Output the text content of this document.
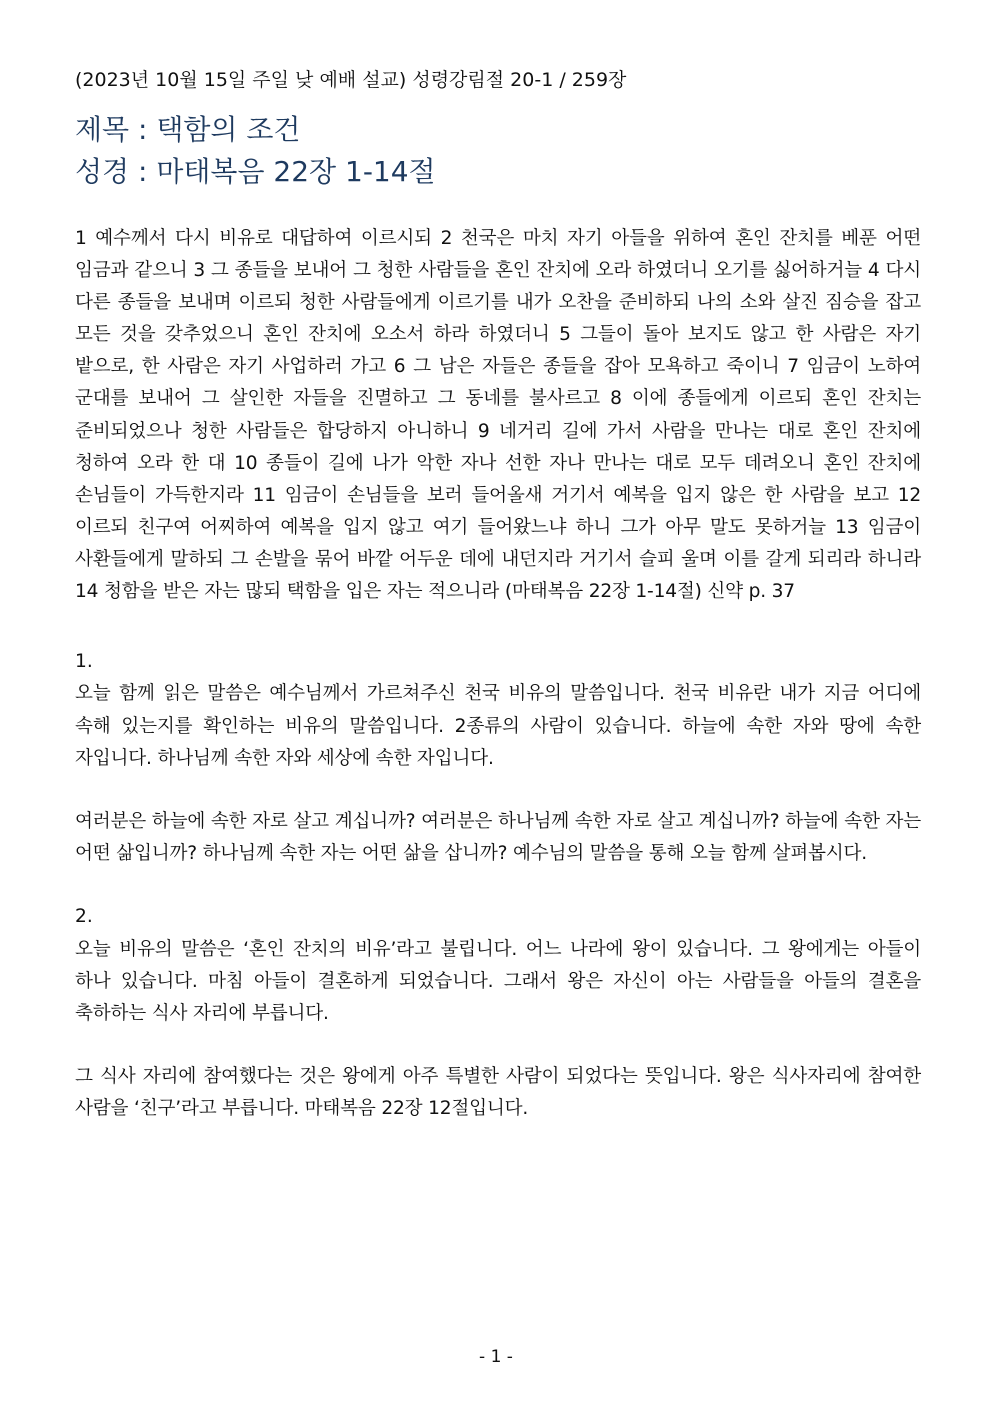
(2023년 10월 15일 주일 낮 예배 설교) 성령강림절 20-1 / 259장
제목 : 택함의 조건
성경 : 마태복음 22장 1-14절
1 예수께서 다시 비유로 대답하여 이르시되 2 천국은 마치 자기 아들을 위하여 혼인 잔치를 베푼 어떤 임금과 같으니 3 그 종들을 보내어 그 청한 사람들을 혼인 잔치에 오라 하였더니 오기를 싫어하거늘 4 다시 다른 종들을 보내며 이르되 청한 사람들에게 이르기를 내가 오찬을 준비하되 나의 소와 살진 짐승을 잡고 모든 것을 갖추었으니 혼인 잔치에 오소서 하라 하였더니 5 그들이 돌아 보지도 않고 한 사람은 자기 밭으로, 한 사람은 자기 사업하러 가고 6 그 남은 자들은 종들을 잡아 모욕하고 죽이니 7 임금이 노하여 군대를 보내어 그 살인한 자들을 진멸하고 그 동네를 불사르고 8 이에 종들에게 이르되 혼인 잔치는 준비되었으나 청한 사람들은 합당하지 아니하니 9 네거리 길에 가서 사람을 만나는 대로 혼인 잔치에 청하여 오라 한 대 10 종들이 길에 나가 악한 자나 선한 자나 만나는 대로 모두 데려오니 혼인 잔치에 손님들이 가득한지라 11 임금이 손님들을 보러 들어올새 거기서 예복을 입지 않은 한 사람을 보고 12 이르되 친구여 어찌하여 예복을 입지 않고 여기 들어왔느냐 하니 그가 아무 말도 못하거늘 13 임금이 사환들에게 말하되 그 손발을 묶어 바깥 어두운 데에 내던지라 거기서 슬피 울며 이를 갈게 되리라 하니라 14 청함을 받은 자는 많되 택함을 입은 자는 적으니라 (마태복음 22장 1-14절) 신약 p. 37
1.
오늘 함께 읽은 말씀은 예수님께서 가르쳐주신 천국 비유의 말씀입니다. 천국 비유란 내가 지금 어디에 속해 있는지를 확인하는 비유의 말씀입니다. 2종류의 사람이 있습니다. 하늘에 속한 자와 땅에 속한 자입니다. 하나님께 속한 자와 세상에 속한 자입니다.
여러분은 하늘에 속한 자로 살고 계십니까? 여러분은 하나님께 속한 자로 살고 계십니까? 하늘에 속한 자는 어떤 삶입니까? 하나님께 속한 자는 어떤 삶을 삽니까? 예수님의 말씀을 통해 오늘 함께 살펴봅시다.
2.
오늘 비유의 말씀은 ‘혼인 잔치의 비유’라고 불립니다. 어느 나라에 왕이 있습니다. 그 왕에게는 아들이 하나 있습니다. 마침 아들이 결혼하게 되었습니다. 그래서 왕은 자신이 아는 사람들을 아들의 결혼을 축하하는 식사 자리에 부릅니다.
그 식사 자리에 참여했다는 것은 왕에게 아주 특별한 사람이 되었다는 뜻입니다. 왕은 식사자리에 참여한 사람을 ‘친구’라고 부릅니다. 마태복음 22장 12절입니다.
- 1 -
